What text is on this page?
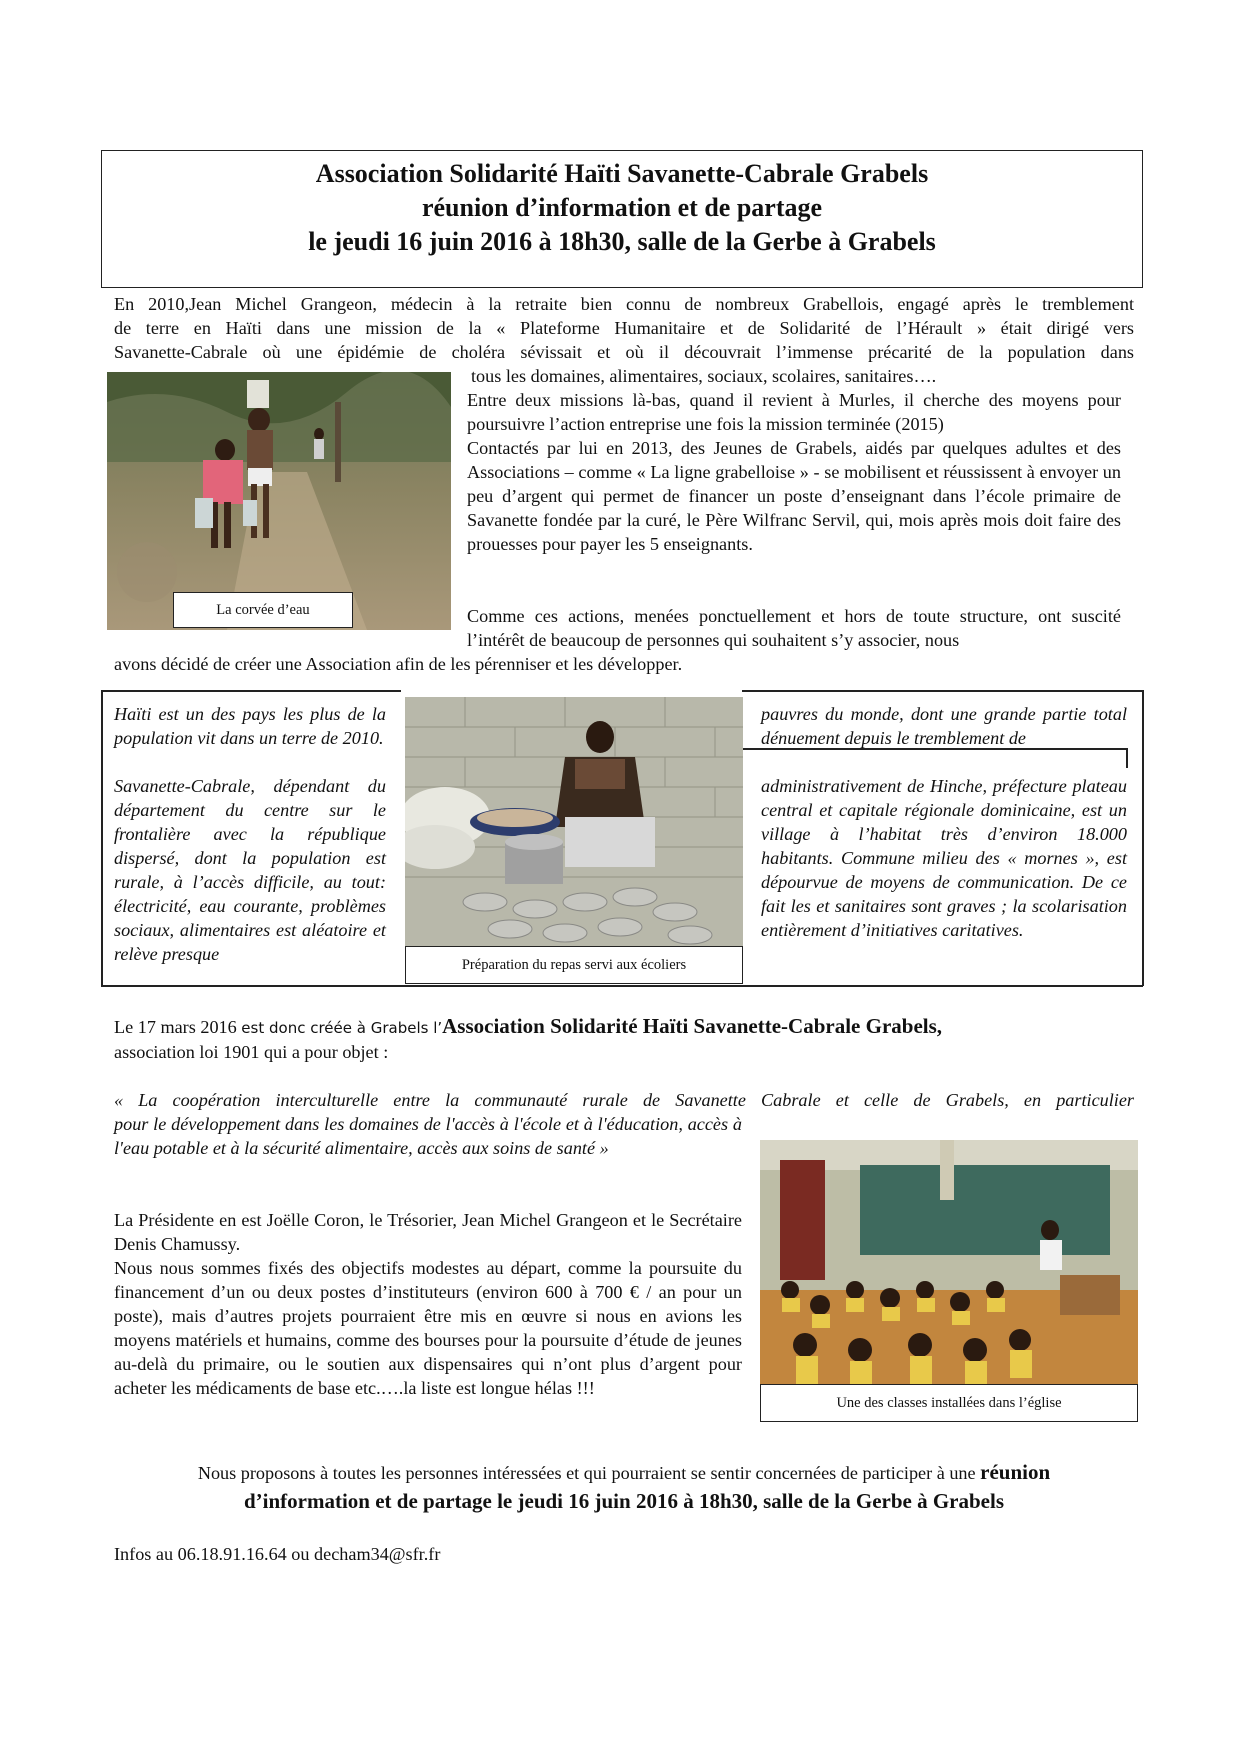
Association Solidarité Haïti Savanette-Cabrale Grabels
réunion d’information et de partage
le jeudi 16 juin 2016 à 18h30, salle de la Gerbe à Grabels
En 2010,Jean Michel Grangeon, médecin à la retraite bien connu de nombreux Grabellois, engagé après le tremblement
de terre en Haïti dans une mission de la « Plateforme Humanitaire et de Solidarité de l’Hérault » était dirigé vers
Savanette-Cabrale où une épidémie de choléra sévissait et où il découvrait l’immense précarité de la population dans
tous les domaines, alimentaires, sociaux, scolaires, sanitaires….
La corvée d’eau
Entre deux missions là-bas, quand il revient à Murles, il cherche des moyens pour poursuivre l’action entreprise une fois la mission terminée (2015)
Contactés par lui en 2013, des Jeunes de Grabels, aidés par quelques adultes et des Associations – comme « La ligne grabelloise » - se mobilisent et réussissent à envoyer un peu d’argent qui permet de financer un poste d’enseignant dans l’école primaire de Savanette fondée par la curé, le Père Wilfranc Servil, qui, mois après mois doit faire des prouesses pour payer les 5 enseignants.
Comme ces actions, menées ponctuellement et hors de toute structure, ont suscité l’intérêt de beaucoup de personnes qui souhaitent s’y associer, nous
avons décidé de créer une Association afin de les pérenniser et les développer.
Haïti est un des pays les plus de la population vit dans un terre de 2010.
Savanette-Cabrale, dépendant du département du centre sur le frontalière avec la république dispersé, dont la population est rurale, à l’accès difficile, au tout: électricité, eau courante, problèmes sociaux, alimentaires est aléatoire et relève presque
pauvres du monde, dont une grande partie total dénuement depuis le tremblement de
administrativement de Hinche, préfecture plateau central et capitale régionale dominicaine, est un village à l’habitat très d’environ 18.000 habitants. Commune milieu des « mornes », est dépourvue de moyens de communication. De ce fait les et sanitaires sont graves ; la scolarisation entièrement d’initiatives caritatives.
Préparation du repas servi aux écoliers
Le 17 mars 2016 est donc créée à Grabels l’Association Solidarité Haïti Savanette-Cabrale Grabels,
association loi 1901 qui a pour objet :
« La coopération interculturelle entre la communauté rurale de Savanette Cabrale et celle de Grabels, en particulier
pour le développement dans les domaines de l'accès à l'école et à l'éducation, accès à l'eau potable et à la sécurité alimentaire, accès aux soins de santé »
La Présidente en est Joëlle Coron, le Trésorier, Jean Michel Grangeon et le Secrétaire Denis Chamussy.
Nous nous sommes fixés des objectifs modestes au départ, comme la poursuite du financement d’un ou deux postes d’instituteurs (environ 600 à 700 € / an pour un poste), mais d’autres projets pourraient être mis en œuvre si nous en avions les moyens matériels et humains, comme des bourses pour la poursuite d’étude de jeunes au-delà du primaire, ou le soutien aux dispensaires qui n’ont plus d’argent pour acheter les médicaments de base etc.….la liste est longue hélas !!!
Une des classes installées dans l’église
Nous proposons à toutes les personnes intéressées et qui pourraient se sentir concernées de participer à une réunion
d’information et de partage le jeudi 16 juin 2016 à 18h30, salle de la Gerbe à Grabels
Infos au 06.18.91.16.64 ou decham34@sfr.fr
